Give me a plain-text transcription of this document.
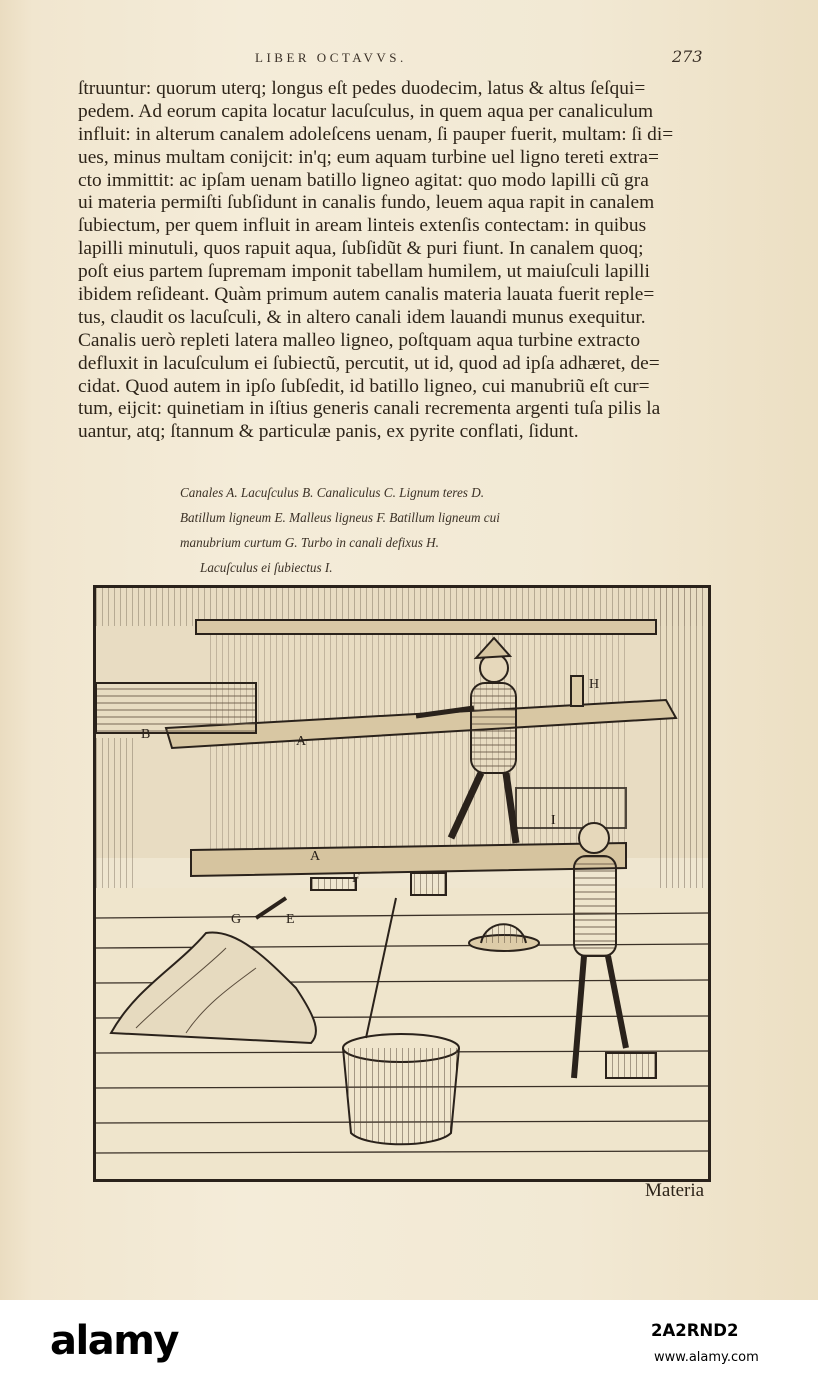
LIBER OCTAVVS.	273
ſtruuntur: quorum uterq; longus eſt pedes duodecim, latus & altus ſeſqui=
pedem. Ad eorum capita locatur lacuſculus, in quem aqua per canaliculum
influit: in alterum canalem adoleſcens uenam, ſi pauper fuerit, multam: ſi di=
ues, minus multam conijcit: in'q; eum aquam turbine uel ligno tereti extra=
cto immittit: ac ipſam uenam batillo ligneo agitat: quo modo lapilli cũ gra
ui materia permiſti ſubſidunt in canalis fundo, leuem aqua rapit in canalem
ſubiectum, per quem influit in aream linteis extenſis contectam: in quibus
lapilli minutuli, quos rapuit aqua, ſubſidũt & puri fiunt. In canalem quoq;
poſt eius partem ſupremam imponit tabellam humilem, ut maiuſculi lapilli
ibidem reſideant. Quàm primum autem canalis materia lauata fuerit reple=
tus, claudit os lacuſculi, & in altero canali idem lauandi munus exequitur.
Canalis uerò repleti latera malleo ligneo, poſtquam aqua turbine extracto
defluxit in lacuſculum ei ſubiectũ, percutit, ut id, quod ad ipſa adhæret, de=
cidat. Quod autem in ipſo ſubſedit, id batillo ligneo, cui manubriũ eſt cur=
tum, eijcit: quinetiam in iſtius generis canali recrementa argenti tuſa pilis la
uantur, atq; ſtannum & particulæ panis, ex pyrite conflati, ſidunt.
Canales A. Lacuſculus B. Canaliculus C. Lignum teres D.
Batillum ligneum E. Malleus ligneus F. Batillum ligneum cui
manubrium curtum G. Turbo in canali defixus H.
Lacuſculus ei ſubiectus I.
A
A
B
E
F
G
H
I
Materia
alamy	2A2RND2
www.alamy.com
